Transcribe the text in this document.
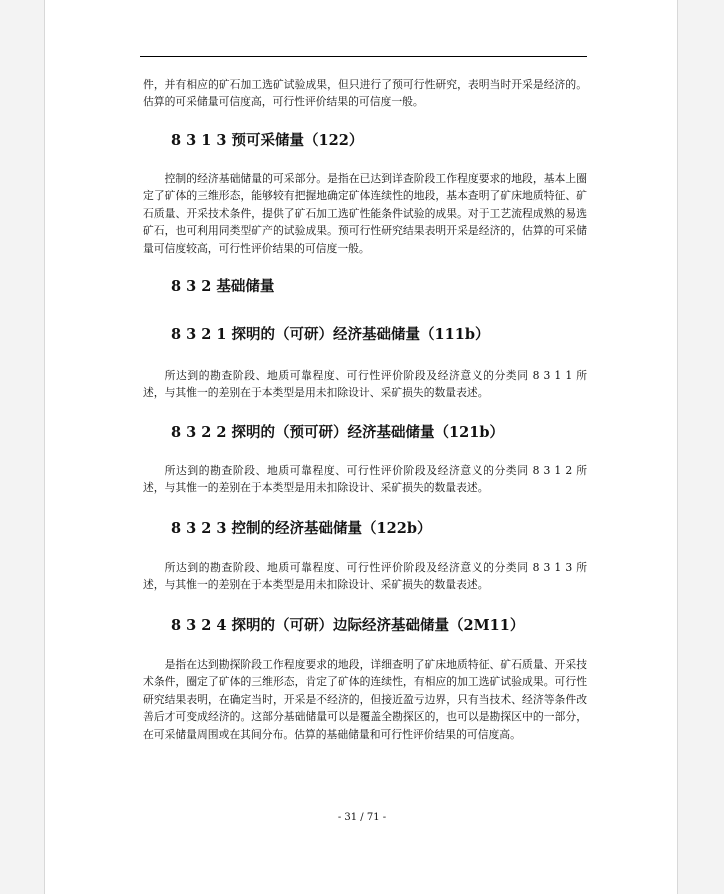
件，并有相应的矿石加工选矿试验成果，但只进行了预可行性研究，表明当时开采是经济的。估算的可采储量可信度高，可行性评价结果的可信度一般。

8 3 1 3 预可采储量（122）

控制的经济基础储量的可采部分。是指在已达到详查阶段工作程度要求的地段，基本上圈定了矿体的三维形态，能够较有把握地确定矿体连续性的地段，基本查明了矿床地质特征、矿石质量、开采技术条件，提供了矿石加工选矿性能条件试验的成果。对于工艺流程成熟的易选矿石，也可利用同类型矿产的试验成果。预可行性研究结果表明开采是经济的，估算的可采储量可信度较高，可行性评价结果的可信度一般。

8 3 2 基础储量
8 3 2 1 探明的（可研）经济基础储量（111b）

所达到的勘查阶段、地质可靠程度、可行性评价阶段及经济意义的分类同 8 3 1 1 所述，与其惟一的差别在于本类型是用未扣除设计、采矿损失的数量表述。

8 3 2 2 探明的（预可研）经济基础储量（121b）

所达到的勘查阶段、地质可靠程度、可行性评价阶段及经济意义的分类同 8 3 1 2 所述，与其惟一的差别在于本类型是用未扣除设计、采矿损失的数量表述。

8 3 2 3 控制的经济基础储量（122b）

所达到的勘查阶段、地质可靠程度、可行性评价阶段及经济意义的分类同 8 3 1 3 所述，与其惟一的差别在于本类型是用未扣除设计、采矿损失的数量表述。

8 3 2 4 探明的（可研）边际经济基础储量（2M11）

是指在达到勘探阶段工作程度要求的地段，详细查明了矿床地质特征、矿石质量、开采技术条件，圈定了矿体的三维形态，肯定了矿体的连续性，有相应的加工选矿试验成果。可行性研究结果表明，在确定当时，开采是不经济的，但接近盈亏边界，只有当技术、经济等条件改善后才可变成经济的。这部分基础储量可以是覆盖全勘探区的，也可以是勘探区中的一部分，在可采储量周围或在其间分布。估算的基础储量和可行性评价结果的可信度高。

- 31 / 71 -
